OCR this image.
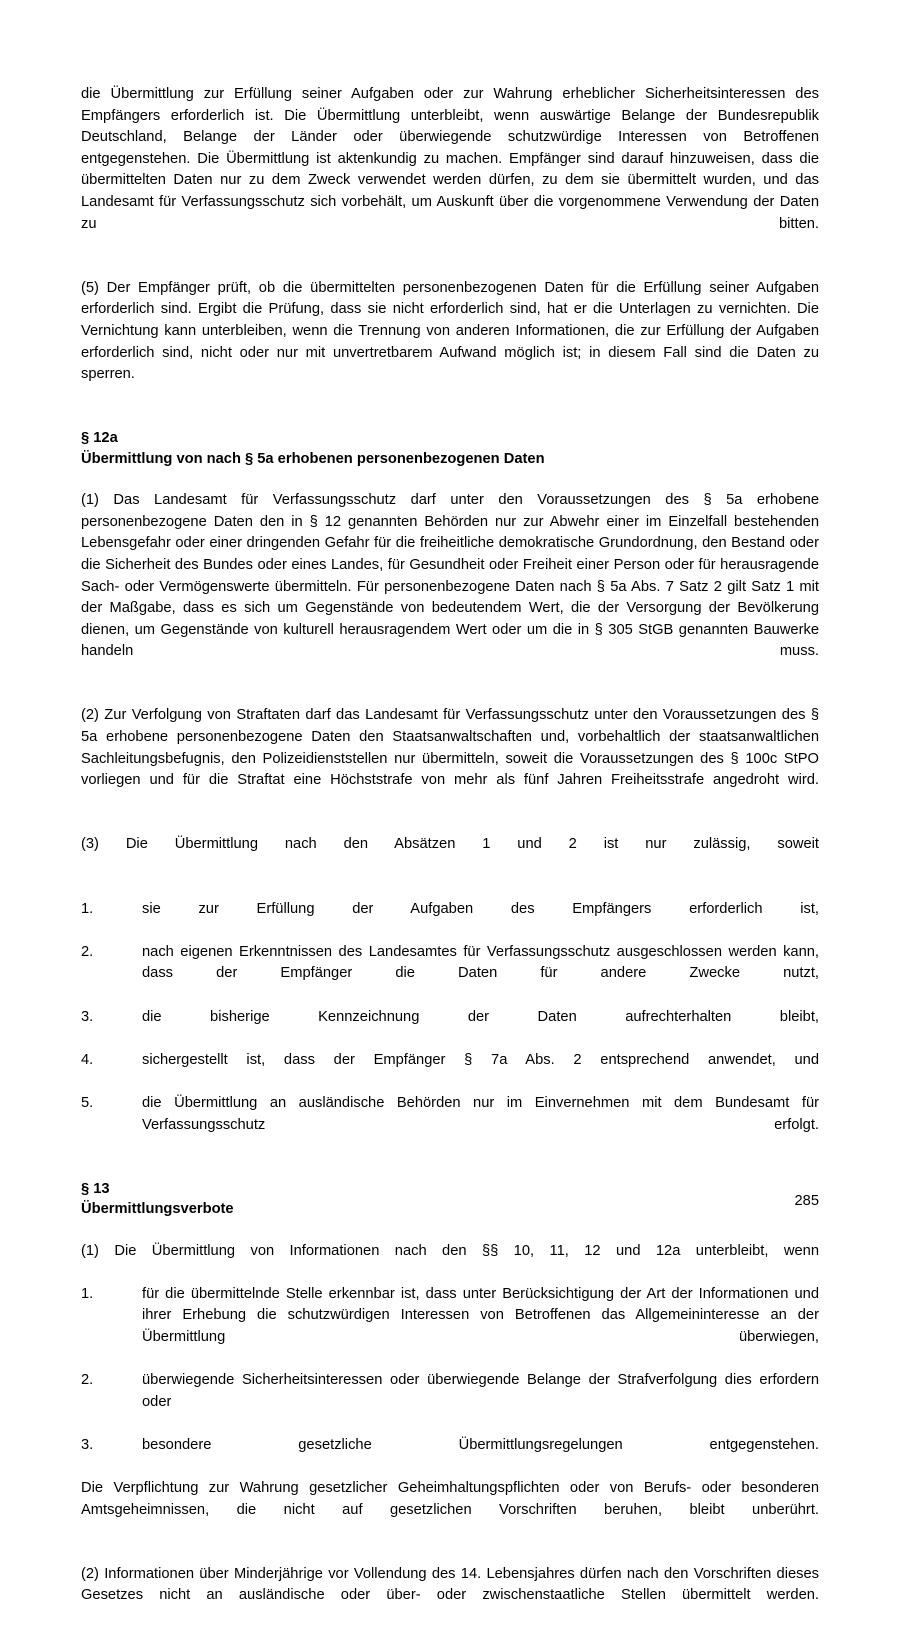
die Übermittlung zur Erfüllung seiner Aufgaben oder zur Wahrung erheblicher Sicherheitsinteressen des Empfängers erforderlich ist. Die Übermittlung unterbleibt, wenn auswärtige Belange der Bundesrepublik Deutschland, Belange der Länder oder überwiegende schutzwürdige Interessen von Betroffenen entgegenstehen. Die Übermittlung ist aktenkundig zu machen. Empfänger sind darauf hinzuweisen, dass die übermittelten Daten nur zu dem Zweck verwendet werden dürfen, zu dem sie übermittelt wurden, und das Landesamt für Verfassungsschutz sich vorbehält, um Auskunft über die vorgenommene Verwendung der Daten zu bitten.

(5) Der Empfänger prüft, ob die übermittelten personenbezogenen Daten für die Erfüllung seiner Aufgaben erforderlich sind. Ergibt die Prüfung, dass sie nicht erforderlich sind, hat er die Unterlagen zu vernichten. Die Vernichtung kann unterbleiben, wenn die Trennung von anderen Informationen, die zur Erfüllung der Aufgaben erforderlich sind, nicht oder nur mit unvertretbarem Aufwand möglich ist; in diesem Fall sind die Daten zu sperren.

§ 12a

Übermittlung von nach § 5a erhobenen personenbezogenen Daten

(1) Das Landesamt für Verfassungsschutz darf unter den Voraussetzungen des § 5a erhobene personenbezogene Daten den in § 12 genannten Behörden nur zur Abwehr einer im Einzelfall bestehenden Lebensgefahr oder einer dringenden Gefahr für die freiheitliche demokratische Grundordnung, den Bestand oder die Sicherheit des Bundes oder eines Landes, für Gesundheit oder Freiheit einer Person oder für herausragende Sach- oder Vermögenswerte übermitteln. Für personenbezogene Daten nach § 5a Abs. 7 Satz 2 gilt Satz 1 mit der Maßgabe, dass es sich um Gegenstände von bedeutendem Wert, die der Versorgung der Bevölkerung dienen, um Gegenstände von kulturell herausragendem Wert oder um die in § 305 StGB genannten Bauwerke handeln muss.

(2) Zur Verfolgung von Straftaten darf das Landesamt für Verfassungsschutz unter den Voraussetzungen des § 5a erhobene personenbezogene Daten den Staatsanwaltschaften und, vorbehaltlich der staatsanwaltlichen Sachleitungsbefugnis, den Polizeidienststellen nur übermitteln, soweit die Voraussetzungen des § 100c StPO vorliegen und für die Straftat eine Höchststrafe von mehr als fünf Jahren Freiheitsstrafe angedroht wird.

(3) Die Übermittlung nach den Absätzen 1 und 2 ist nur zulässig, soweit

1.	sie zur Erfüllung der Aufgaben des Empfängers erforderlich ist,
2.	nach eigenen Erkenntnissen des Landesamtes für Verfassungsschutz ausgeschlossen werden kann, dass der Empfänger die Daten für andere Zwecke nutzt,
3.	die bisherige Kennzeichnung der Daten aufrechterhalten bleibt,
4.	sichergestellt ist, dass der Empfänger § 7a Abs. 2 entsprechend anwendet, und
5.	die Übermittlung an ausländische Behörden nur im Einvernehmen mit dem Bundesamt für Verfassungsschutz erfolgt.

§ 13

Übermittlungsverbote

(1) Die Übermittlung von Informationen nach den §§ 10, 11, 12 und 12a unterbleibt, wenn

1.	für die übermittelnde Stelle erkennbar ist, dass unter Berücksichtigung der Art der Informationen und ihrer Erhebung die schutzwürdigen Interessen von Betroffenen das Allgemeininteresse an der Übermittlung überwiegen,
2.	überwiegende Sicherheitsinteressen oder überwiegende Belange der Strafverfolgung dies erfordern oder
3.	besondere gesetzliche Übermittlungsregelungen entgegenstehen.

Die Verpflichtung zur Wahrung gesetzlicher Geheimhaltungspflichten oder von Berufs- oder besonderen Amtsgeheimnissen, die nicht auf gesetzlichen Vorschriften beruhen, bleibt unberührt.

(2) Informationen über Minderjährige vor Vollendung des 14. Lebensjahres dürfen nach den Vorschriften dieses Gesetzes nicht an ausländische oder über- oder zwischenstaatliche Stellen übermittelt werden.

285
